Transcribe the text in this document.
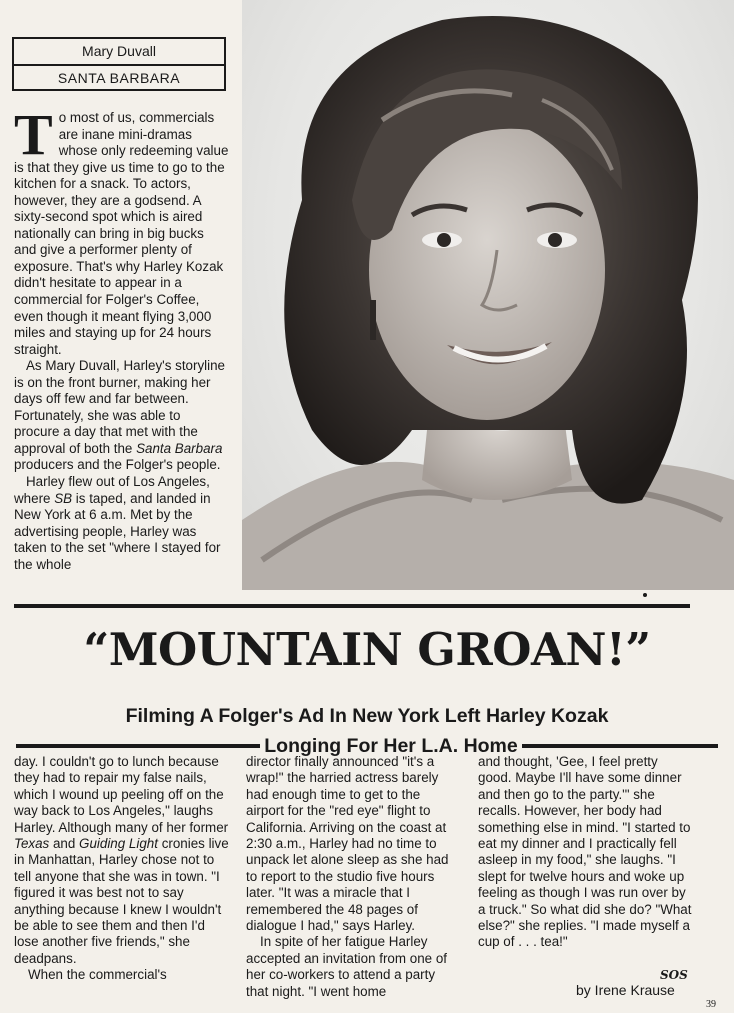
Mary Duvall
SANTA BARBARA

To most of us, commercials are inane mini-dramas whose only redeeming value is that they give us time to go to the kitchen for a snack. To actors, however, they are a godsend. A sixty-second spot which is aired nationally can bring in big bucks and give a performer plenty of exposure. That's why Harley Kozak didn't hesitate to appear in a commercial for Folger's Coffee, even though it meant flying 3,000 miles and staying up for 24 hours straight.

As Mary Duvall, Harley's storyline is on the front burner, making her days off few and far between. Fortunately, she was able to procure a day that met with the approval of both the Santa Barbara producers and the Folger's people.

Harley flew out of Los Angeles, where SB is taped, and landed in New York at 6 a.m. Met by the advertising people, Harley was taken to the set "where I stayed for the whole

“MOUNTAIN GROAN!”
Filming A Folger's Ad In New York Left Harley Kozak
Longing For Her L.A. Home

day. I couldn't go to lunch because they had to repair my false nails, which I wound up peeling off on the way back to Los Angeles," laughs Harley. Although many of her former Texas and Guiding Light cronies live in Manhattan, Harley chose not to tell anyone that she was in town. "I figured it was best not to say anything because I knew I wouldn't be able to see them and then I'd lose another five friends," she deadpans.

When the commercial's

director finally announced "it's a wrap!" the harried actress barely had enough time to get to the airport for the "red eye" flight to California. Arriving on the coast at 2:30 a.m., Harley had no time to unpack let alone sleep as she had to report to the studio five hours later. "It was a miracle that I remembered the 48 pages of dialogue I had," says Harley.

In spite of her fatigue Harley accepted an invitation from one of her co-workers to attend a party that night. "I went home

and thought, 'Gee, I feel pretty good. Maybe I'll have some dinner and then go to the party.'" she recalls. However, her body had something else in mind. "I started to eat my dinner and I practically fell asleep in my food," she laughs. "I slept for twelve hours and woke up feeling as though I was run over by a truck." So what did she do? "What else?" she replies. "I made myself a cup of . . . tea!"

SOS
by Irene Krause
39
